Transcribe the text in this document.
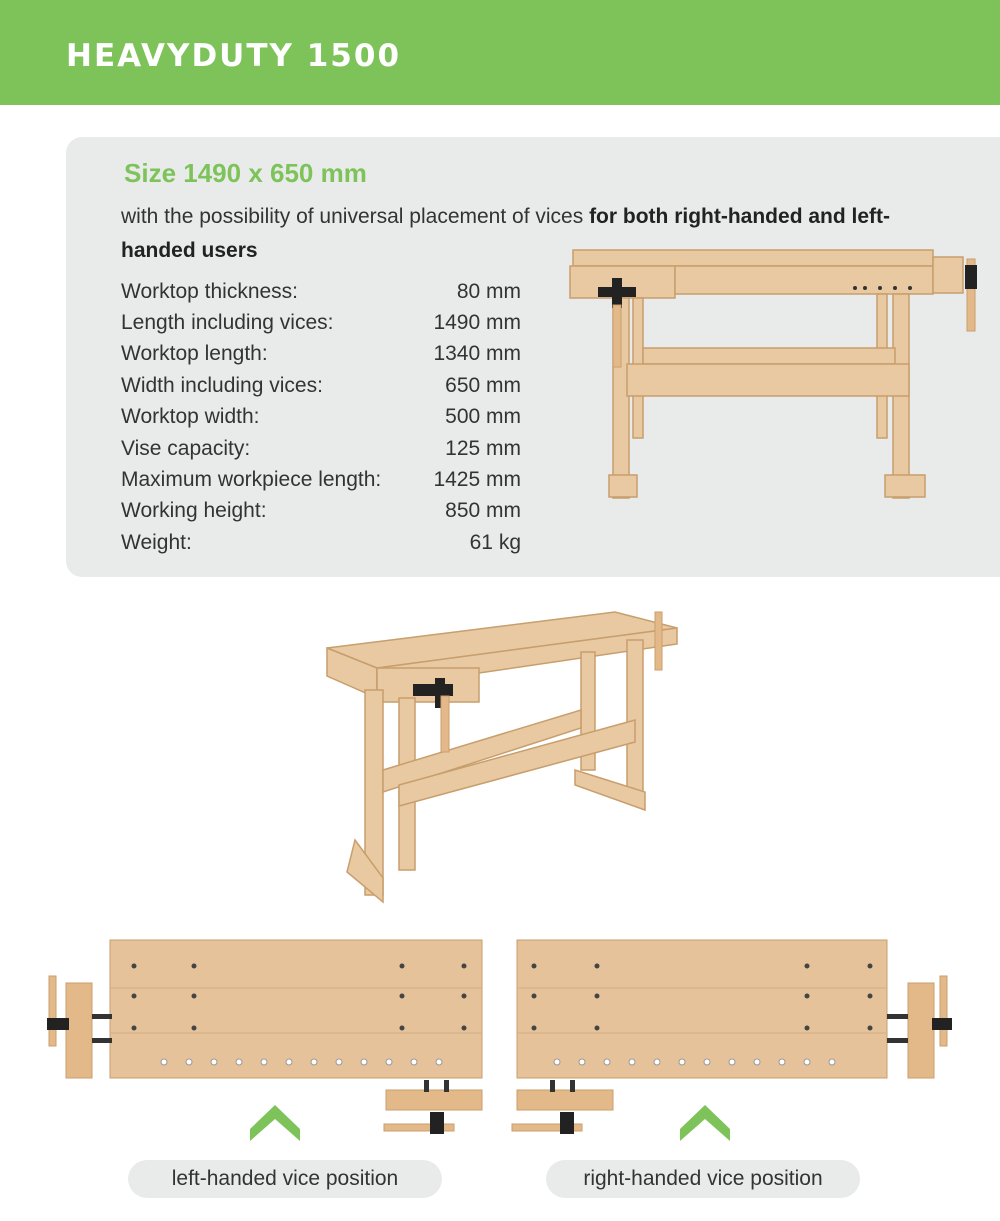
HEAVYDUTY 1500
Size 1490 x 650 mm
with the possibility of universal placement of vices for both right-handed and left-handed users
Worktop thickness:	80 mm
Length including vices:	1490 mm
Worktop length:	1340 mm
Width including vices:	650 mm
Worktop width:	500 mm
Vise capacity:	125 mm
Maximum workpiece length: 1425 mm
Working height:	850 mm
Weight:	61 kg
left-handed vice position	right-handed vice position
